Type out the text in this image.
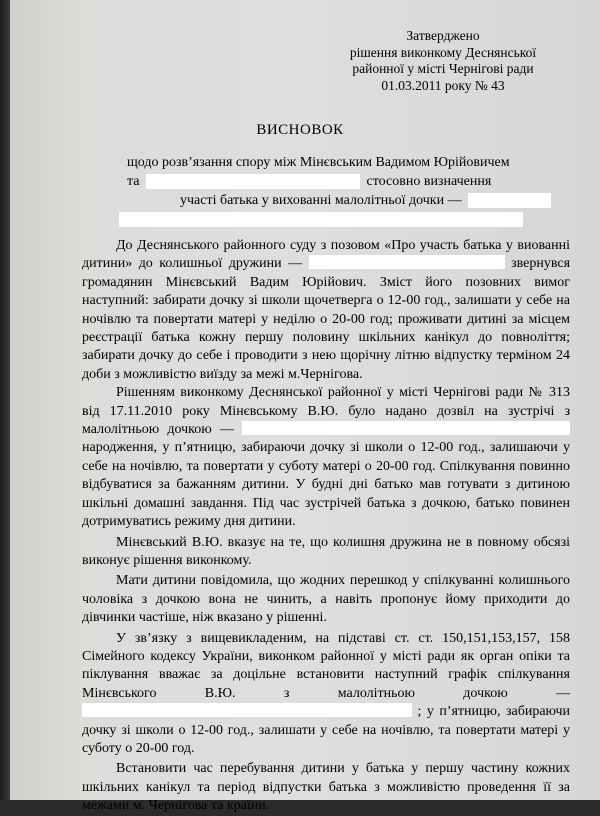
Затверджено
рішення виконкому Деснянської
районної у місті Чернігові ради
01.03.2011 року № 43
ВИСНОВОК
щодо розв’язання спору між Мінєвським Вадимом Юрійовичем
та	стосовно визначення
участі батька у вихованні малолітньої дочки —

До Деснянського районного суду з позовом «Про участь батька у виованні дитини» до колишньої дружини —	звернувся громадянин Мінєвський Вадим Юрійович. Зміст його позовних вимог наступний: забирати дочку зі школи щочетверга о 12-00 год., залишати у себе на ночівлю та повертати матері у неділю о 20-00 год; проживати дитині за місцем реєстрації батька кожну першу половину шкільних канікул до повноліття; забирати дочку до себе і проводити з нею щорічну літню відпустку терміном 24 доби з можливістю виїзду за межі м.Чернігова.

Рішенням виконкому Деснянської районної у місті Чернігові ради № 313 від 17.11.2010 року Мінєвському В.Ю. було надано дозвіл на зустрічі з малолітньою дочкою —  народження, у п’ятницю, забираючи дочку зі школи о 12-00 год., залишаючи у себе на ночівлю, та повертати у суботу матері о 20-00 год. Спілкування повинно відбуватися за бажанням дитини. У будні дні батько мав готувати з дитиною шкільні домашні завдання. Під час зустрічей батька з дочкою, батько повинен дотримуватись режиму дня дитини.

Мінєвський В.Ю. вказує на те, що колишня дружина не в повному обсязі виконує рішення виконкому.

Мати дитини повідомила, що жодних перешкод у спілкуванні колишнього чоловіка з дочкою вона не чинить, а навіть пропонує йому приходити до дівчинки частіше, ніж вказано у рішенні.

У зв’язку з вищевикладеним, на підставі ст. ст. 150,151,153,157, 158 Сімейного кодексу України, виконком районної у місті ради як орган опіки та піклування вважає за доцільне встановити наступний графік спілкування Мінєвського В.Ю. з малолітньою дочкою —  ; у п’ятницю, забираючи дочку зі школи о 12-00 год., залишати у себе на ночівлю, та повертати матері у суботу о 20-00 год.

Встановити час перебування дитини у батька у першу частину кожних шкільних канікул та період відпустки батька з можливістю проведення її за межами м. Чернігова та країни.
